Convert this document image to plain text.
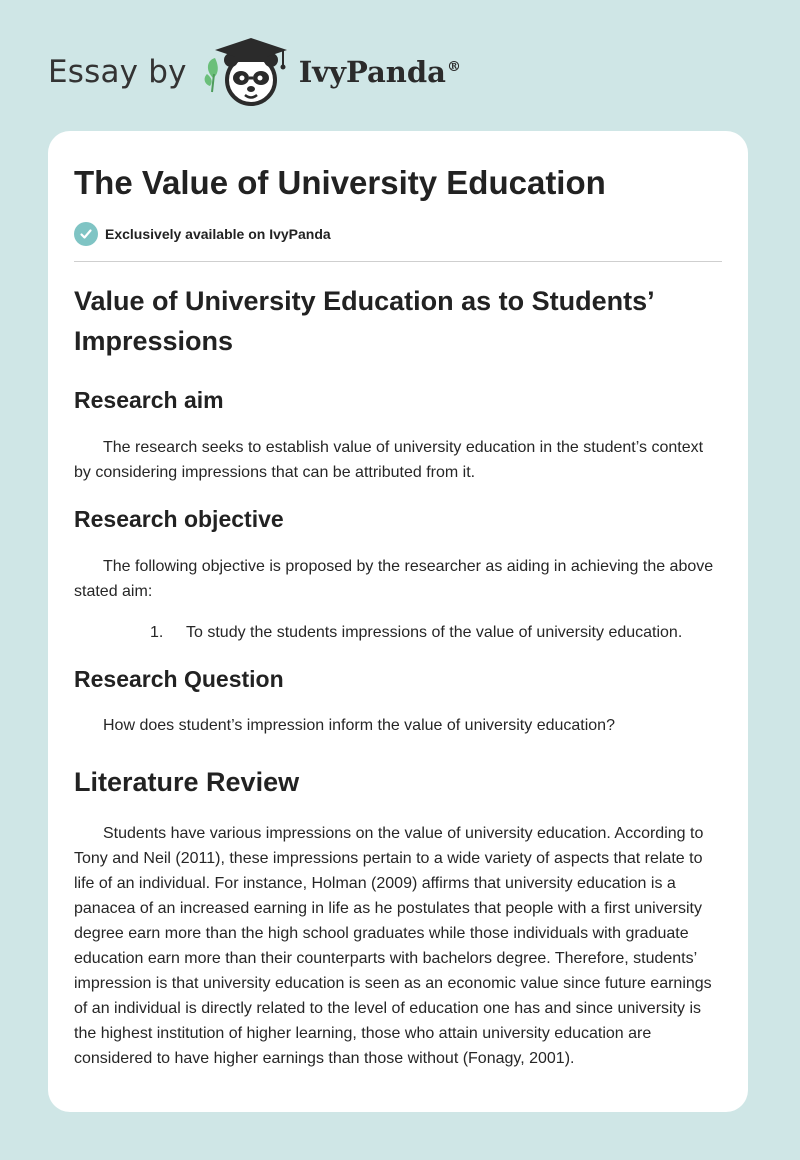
Essay by	IvyPanda®
The Value of University Education
Exclusively available on IvyPanda
Value of University Education as to Students’ Impressions
Research aim

The research seeks to establish value of university education in the student’s context by considering impressions that can be attributed from it.

Research objective

The following objective is proposed by the researcher as aiding in achieving the above stated aim:

1.	To study the students impressions of the value of university education.
Research Question

How does student’s impression inform the value of university education?

Literature Review

Students have various impressions on the value of university education. According to Tony and Neil (2011), these impressions pertain to a wide variety of aspects that relate to life of an individual. For instance, Holman (2009) affirms that university education is a panacea of an increased earning in life as he postulates that people with a first university degree earn more than the high school graduates while those individuals with graduate education earn more than their counterparts with bachelors degree. Therefore, students’ impression is that university education is seen as an economic value since future earnings of an individual is directly related to the level of education one has and since university is the highest institution of higher learning, those who attain university education are considered to have higher earnings than those without (Fonagy, 2001).
